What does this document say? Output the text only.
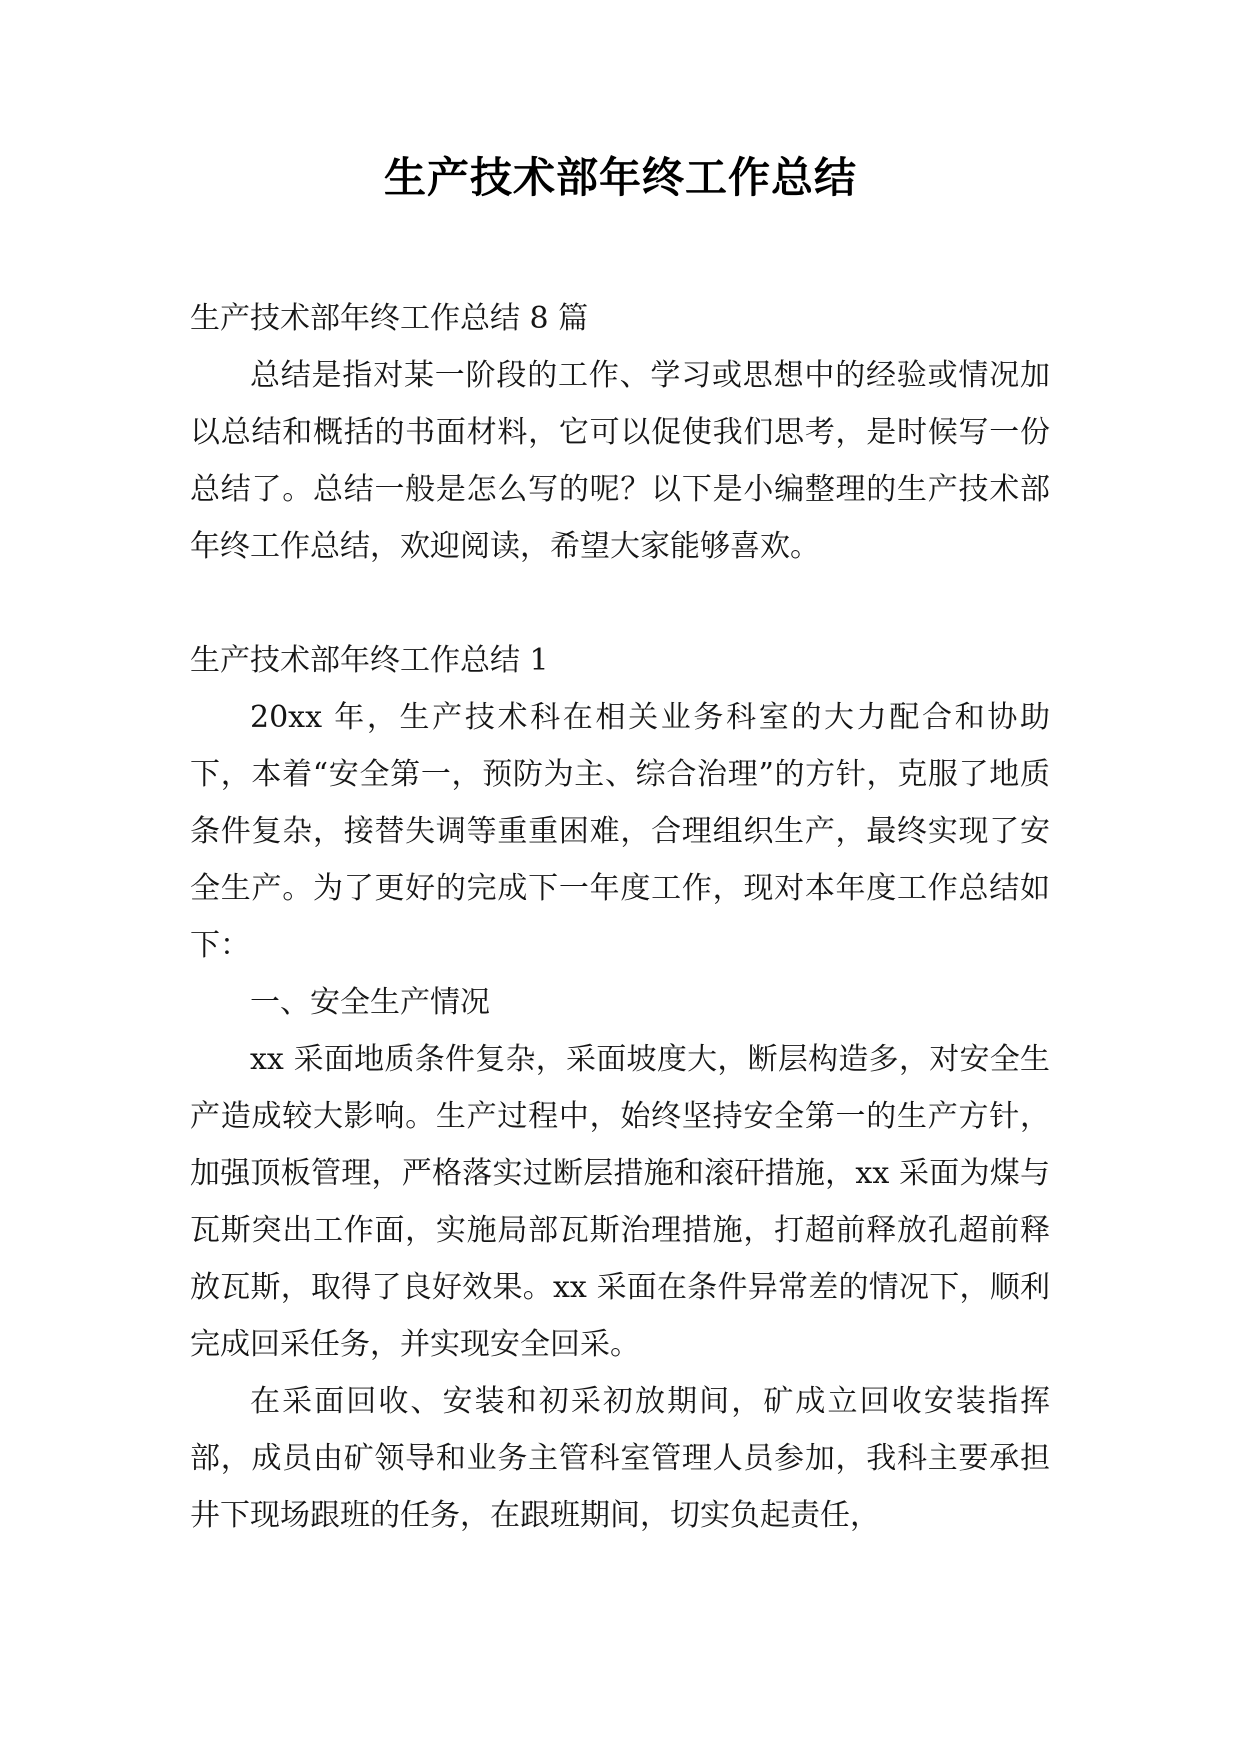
生产技术部年终工作总结

生产技术部年终工作总结 8 篇

总结是指对某一阶段的工作、学习或思想中的经验或情况加以总结和概括的书面材料，它可以促使我们思考，是时候写一份总结了。总结一般是怎么写的呢？以下是小编整理的生产技术部年终工作总结，欢迎阅读，希望大家能够喜欢。

生产技术部年终工作总结 1

20xx 年，生产技术科在相关业务科室的大力配合和协助下，本着“安全第一，预防为主、综合治理”的方针，克服了地质条件复杂，接替失调等重重困难，合理组织生产，最终实现了安全生产。为了更好的完成下一年度工作，现对本年度工作总结如下：

一、安全生产情况

xx 采面地质条件复杂，采面坡度大，断层构造多，对安全生产造成较大影响。生产过程中，始终坚持安全第一的生产方针，加强顶板管理，严格落实过断层措施和滚矸措施，xx 采面为煤与瓦斯突出工作面，实施局部瓦斯治理措施，打超前释放孔超前释放瓦斯，取得了良好效果。xx 采面在条件异常差的情况下，顺利完成回采任务，并实现安全回采。

在采面回收、安装和初采初放期间，矿成立回收安装指挥部，成员由矿领导和业务主管科室管理人员参加，我科主要承担井下现场跟班的任务，在跟班期间，切实负起责任，
